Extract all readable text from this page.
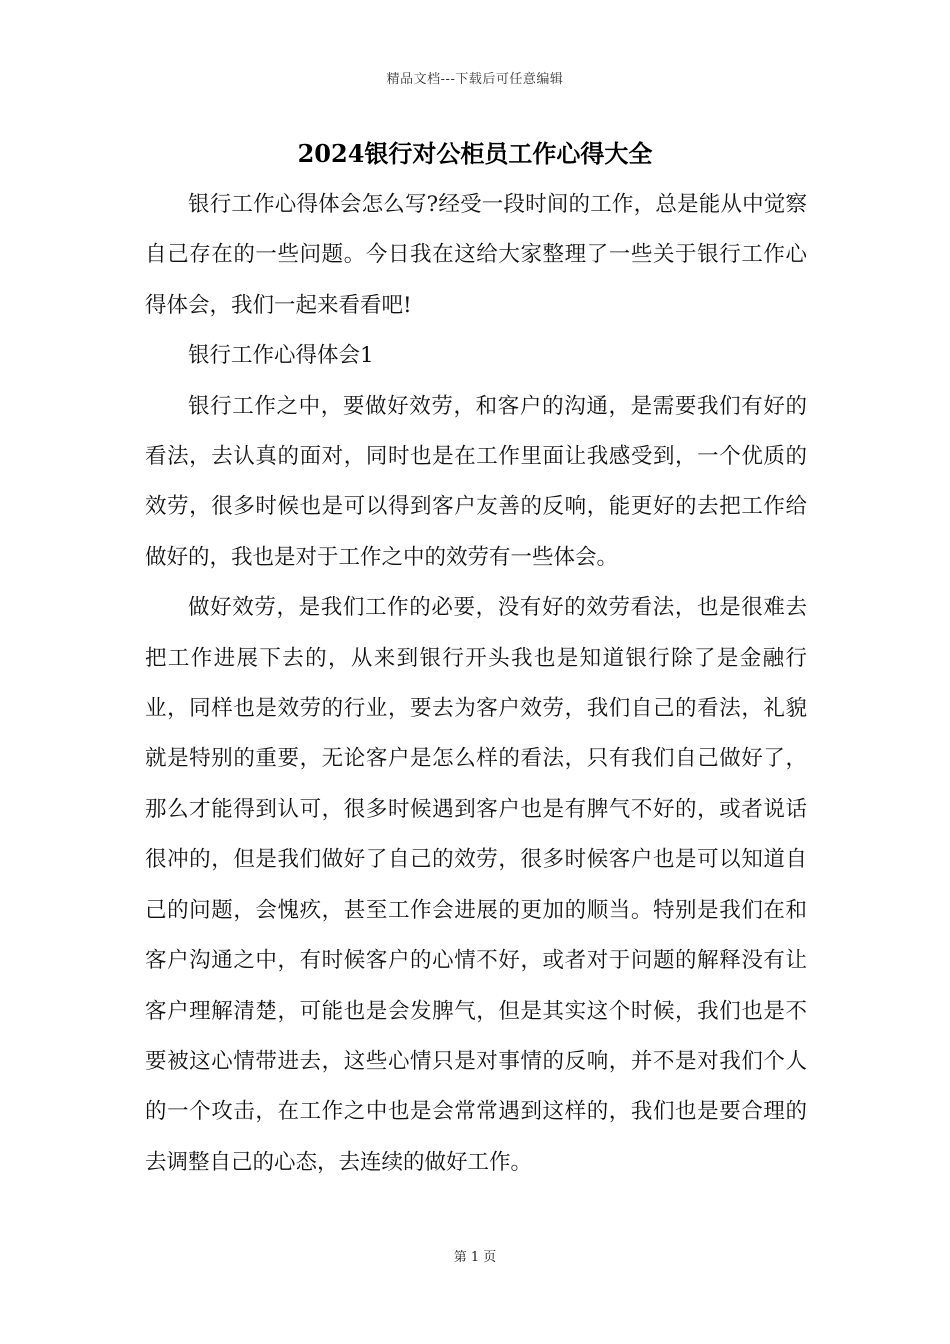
精品文档---下载后可任意编辑
2024银行对公柜员工作心得大全

银行工作心得体会怎么写?经受一段时间的工作，总是能从中觉察自己存在的一些问题。今日我在这给大家整理了一些关于银行工作心得体会，我们一起来看看吧!

银行工作心得体会1

银行工作之中，要做好效劳，和客户的沟通，是需要我们有好的看法，去认真的面对，同时也是在工作里面让我感受到，一个优质的效劳，很多时候也是可以得到客户友善的反响，能更好的去把工作给做好的，我也是对于工作之中的效劳有一些体会。

做好效劳，是我们工作的必要，没有好的效劳看法，也是很难去把工作进展下去的，从来到银行开头我也是知道银行除了是金融行业，同样也是效劳的行业，要去为客户效劳，我们自己的看法，礼貌就是特别的重要，无论客户是怎么样的看法，只有我们自己做好了，那么才能得到认可，很多时候遇到客户也是有脾气不好的，或者说话很冲的，但是我们做好了自己的效劳，很多时候客户也是可以知道自己的问题，会愧疚，甚至工作会进展的更加的顺当。特别是我们在和客户沟通之中，有时候客户的心情不好，或者对于问题的解释没有让客户理解清楚，可能也是会发脾气，但是其实这个时候，我们也是不要被这心情带进去，这些心情只是对事情的反响，并不是对我们个人的一个攻击，在工作之中也是会常常遇到这样的，我们也是要合理的去调整自己的心态，去连续的做好工作。

第 1 页
